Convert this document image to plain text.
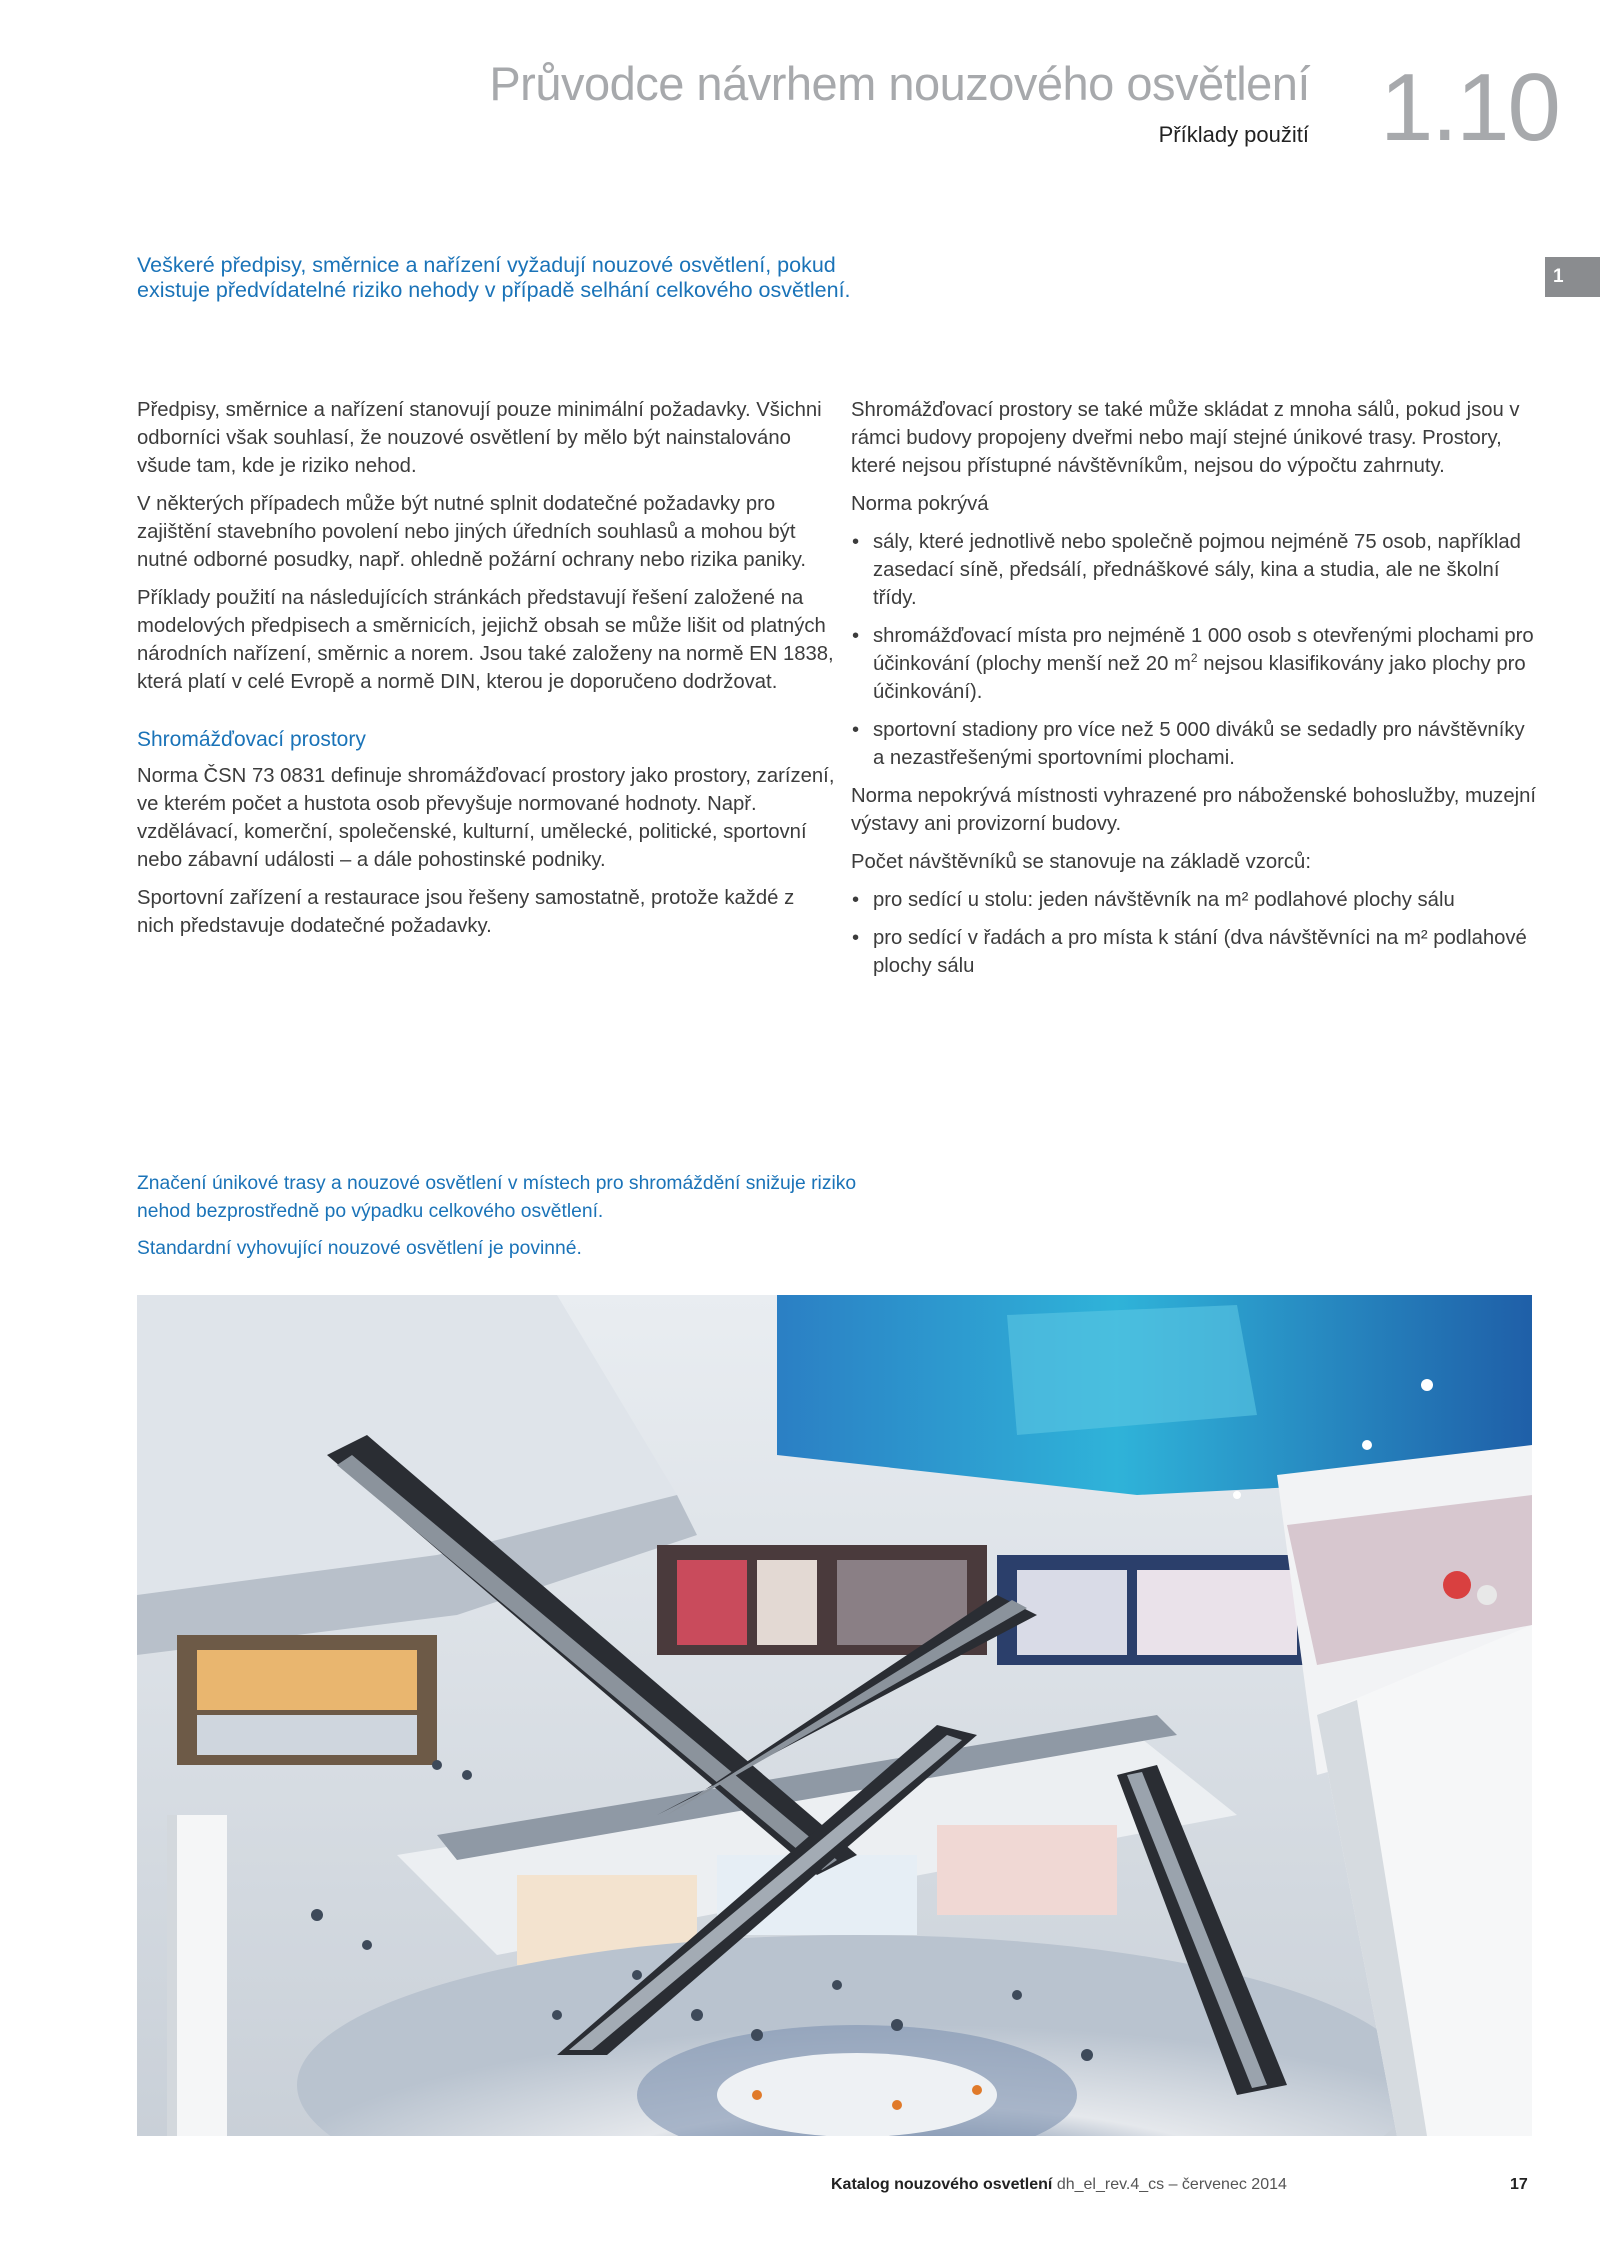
Průvodce návrhem nouzového osvětlení
Příklady použití 1.10
1
Veškeré předpisy, směrnice a nařízení vyžadují nouzové osvětlení, pokud existuje předvídatelné riziko nehody v případě selhání celkového osvětlení.

Předpisy, směrnice a nařízení stanovují pouze minimální požadavky. Všichni odborníci však souhlasí, že nouzové osvětlení by mělo být nainstalováno všude tam, kde je riziko nehod.

V některých případech může být nutné splnit dodatečné požadavky pro zajištění stavebního povolení nebo jiných úředních souhlasů a mohou být nutné odborné posudky, např. ohledně požární ochrany nebo rizika paniky.

Příklady použití na následujících stránkách představují řešení založené na modelových předpisech a směrnicích, jejichž obsah se může lišit od platných národních nařízení, směrnic a norem. Jsou také založeny na normě EN 1838, která platí v celé Evropě a normě DIN, kterou je doporučeno dodržovat.

Shromážďovací prostory

Norma ČSN 73 0831 definuje shromážďovací prostory jako prostory, zarízení, ve kterém počet a hustota osob převyšuje normované hodnoty. Např. vzdělávací, komerční, společenské, kulturní, umělecké, politické, sportovní nebo zábavní události – a dále pohostinské podniky.

Sportovní zařízení a restaurace jsou řešeny samostatně, protože každé z nich představuje dodatečné požadavky.

Shromážďovací prostory se také může skládat z mnoha sálů, pokud jsou v rámci budovy propojeny dveřmi nebo mají stejné únikové trasy. Prostory, které nejsou přístupné návštěvníkům, nejsou do výpočtu zahrnuty.

Norma pokrývá

• sály, které jednotlivě nebo společně pojmou nejméně 75 osob, například zasedací síně, předsálí, přednáškové sály, kina a studia, ale ne školní třídy.
• shromážďovací místa pro nejméně 1 000 osob s otevřenými plochami pro účinkování (plochy menší než 20 $m^2$ nejsou klasifikovány jako plochy pro účinkování).
• sportovní stadiony pro více než 5 000 diváků se sedadly pro návštěvníky a nezastřešenými sportovními plochami.

Norma nepokrývá místnosti vyhrazené pro náboženské bohoslužby, muzejní výstavy ani provizorní budovy.

Počet návštěvníků se stanovuje na základě vzorců:

• pro sedící u stolu: jeden návštěvník na m² podlahové plochy sálu
• pro sedící v řadách a pro místa k stání (dva návštěvníci na m² podlahové plochy sálu

Značení únikové trasy a nouzové osvětlení v místech pro shromáždění snižuje riziko nehod bezprostředně po výpadku celkového osvětlení.

Standardní vyhovující nouzové osvětlení je povinné.

Katalog nouzového osvetlení dh_el_rev.4_cs – červenec 2014	17
